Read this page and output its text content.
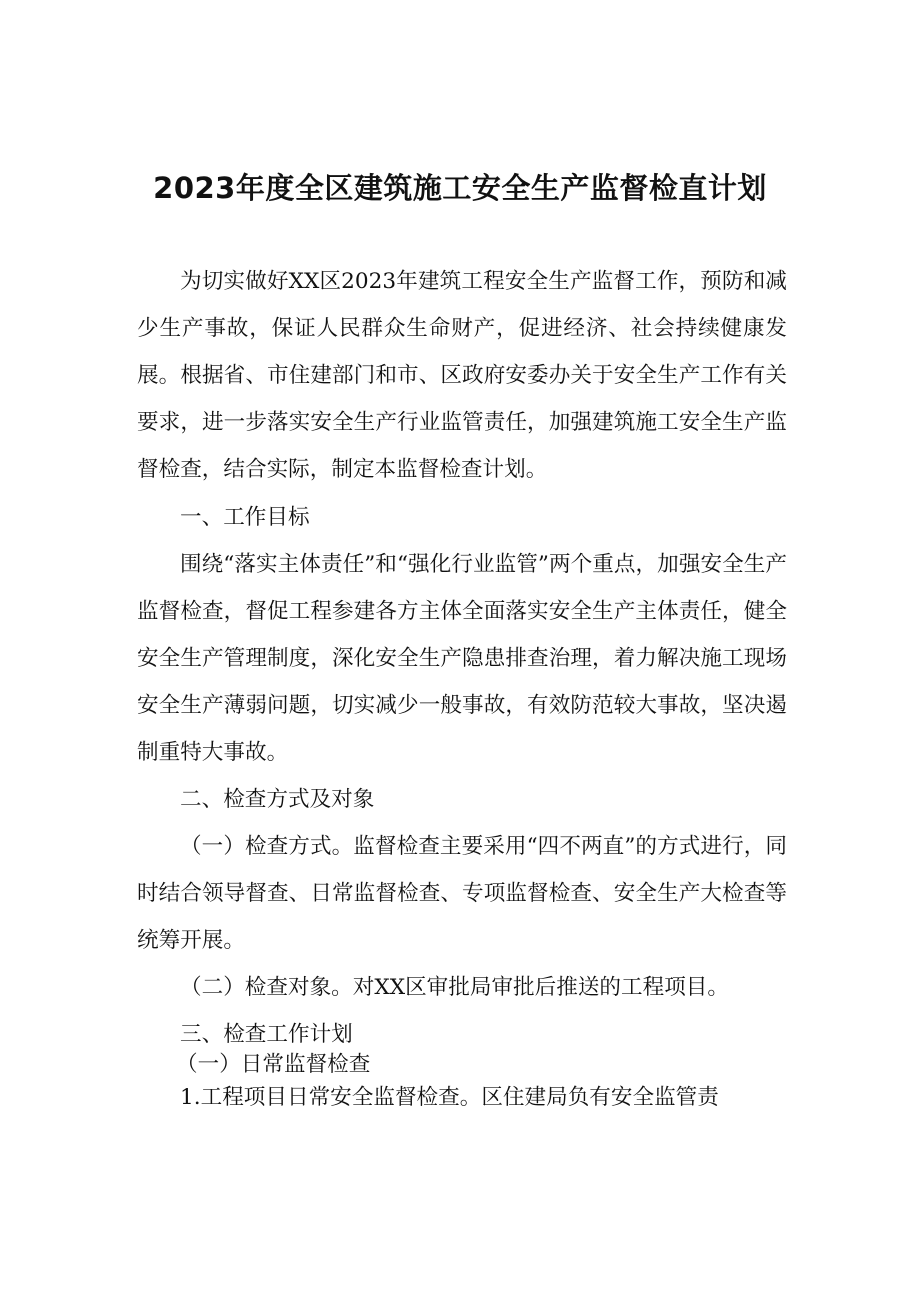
2023年度全区建筑施工安全生产监督检直计划

为切实做好XX区2023年建筑工程安全生产监督工作，预防和减少生产事故，保证人民群众生命财产，促进经济、社会持续健康发展。根据省、市住建部门和市、区政府安委办关于安全生产工作有关要求，进一步落实安全生产行业监管责任，加强建筑施工安全生产监督检查，结合实际，制定本监督检查计划。

一、工作目标

围绕“落实主体责任”和“强化行业监管”两个重点，加强安全生产监督检查，督促工程参建各方主体全面落实安全生产主体责任，健全安全生产管理制度，深化安全生产隐患排查治理，着力解决施工现场安全生产薄弱问题，切实减少一般事故，有效防范较大事故，坚决遏制重特大事故。

二、检查方式及对象

（一）检查方式。监督检查主要采用“四不两直”的方式进行，同时结合领导督查、日常监督检查、专项监督检查、安全生产大检查等统筹开展。

（二）检查对象。对XX区审批局审批后推送的工程项目。

三、检查工作计划
（一）日常监督检查
1.工程项目日常安全监督检查。区住建局负有安全监管责
